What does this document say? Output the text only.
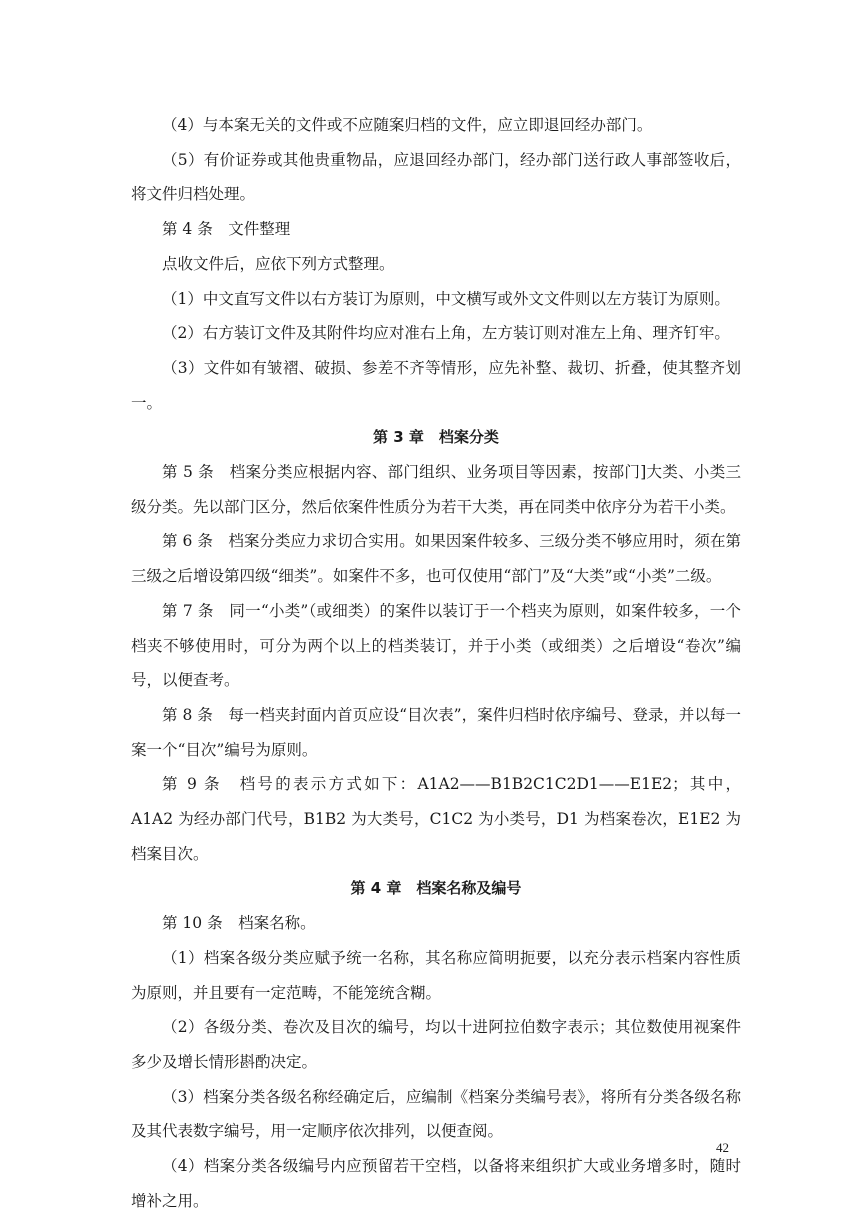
（4）与本案无关的文件或不应随案归档的文件，应立即退回经办部门。

（5）有价证券或其他贵重物品，应退回经办部门，经办部门送行政人事部签收后，将文件归档处理。

第 4 条　文件整理

点收文件后，应依下列方式整理。

（1）中文直写文件以右方装订为原则，中文横写或外文文件则以左方装订为原则。

（2）右方装订文件及其附件均应对准右上角，左方装订则对准左上角、理齐钉牢。

（3）文件如有皱褶、破损、参差不齐等情形，应先补整、裁切、折叠，使其整齐划一。

第 3 章　档案分类

第 5 条　档案分类应根据内容、部门组织、业务项目等因素，按部门]大类、小类三级分类。先以部门区分，然后依案件性质分为若干大类，再在同类中依序分为若干小类。

第 6 条　档案分类应力求切合实用。如果因案件较多、三级分类不够应用时，须在第三级之后增设第四级“细类”。如案件不多，也可仅使用“部门”及“大类”或“小类”二级。

第 7 条　同一“小类”（或细类）的案件以装订于一个档夹为原则，如案件较多，一个档夹不够使用时，可分为两个以上的档类装订，并于小类（或细类）之后增设“卷次”编号，以便查考。

第 8 条　每一档夹封面内首页应设“目次表”，案件归档时依序编号、登录，并以每一案一个“目次”编号为原则。

第 9 条　档号的表示方式如下：A1A2——B1B2C1C2D1——E1E2；其中，A1A2 为经办部门代号，B1B2 为大类号，C1C2 为小类号，D1 为档案卷次，E1E2 为档案目次。

第 4 章　档案名称及编号

第 10 条　档案名称。

（1）档案各级分类应赋予统一名称，其名称应简明扼要，以充分表示档案内容性质为原则，并且要有一定范畴，不能笼统含糊。

（2）各级分类、卷次及目次的编号，均以十进阿拉伯数字表示；其位数使用视案件多少及增长情形斟酌决定。

（3）档案分类各级名称经确定后，应编制《档案分类编号表》，将所有分类各级名称及其代表数字编号，用一定顺序依次排列，以便查阅。

（4）档案分类各级编号内应预留若干空档，以备将来组织扩大或业务增多时，随时增补之用。

42
